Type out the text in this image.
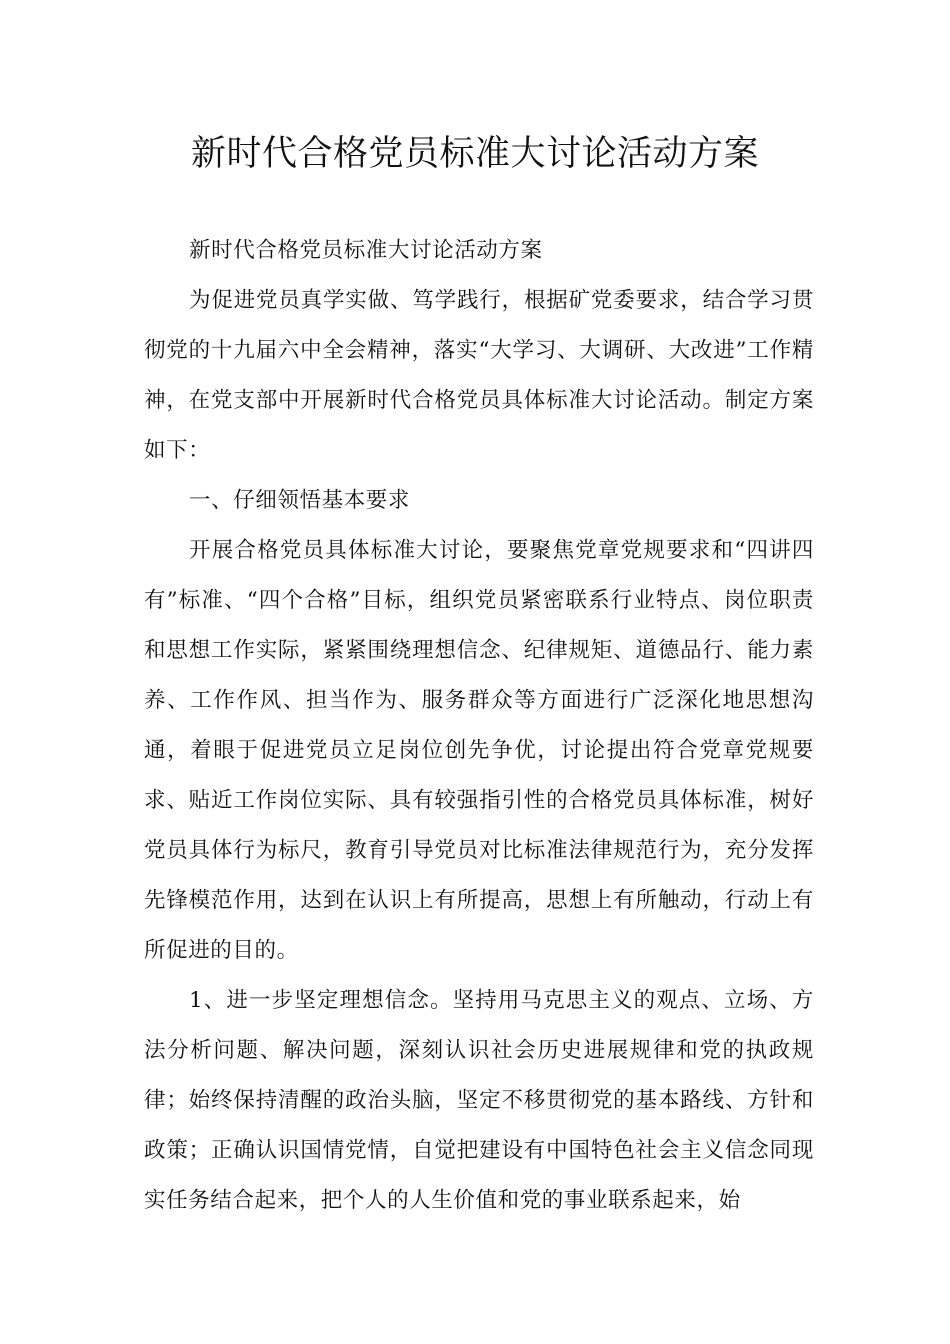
新时代合格党员标准大讨论活动方案

新时代合格党员标准大讨论活动方案

为促进党员真学实做、笃学践行，根据矿党委要求，结合学习贯彻党的十九届六中全会精神，落实“大学习、大调研、大改进”工作精神，在党支部中开展新时代合格党员具体标准大讨论活动。制定方案如下：

一、仔细领悟基本要求

开展合格党员具体标准大讨论，要聚焦党章党规要求和“四讲四有”标准、“四个合格”目标，组织党员紧密联系行业特点、岗位职责和思想工作实际，紧紧围绕理想信念、纪律规矩、道德品行、能力素养、工作作风、担当作为、服务群众等方面进行广泛深化地思想沟通，着眼于促进党员立足岗位创先争优，讨论提出符合党章党规要求、贴近工作岗位实际、具有较强指引性的合格党员具体标准，树好党员具体行为标尺，教育引导党员对比标准法律规范行为，充分发挥先锋模范作用，达到在认识上有所提高，思想上有所触动，行动上有所促进的目的。

1、进一步坚定理想信念。坚持用马克思主义的观点、立场、方法分析问题、解决问题，深刻认识社会历史进展规律和党的执政规律；始终保持清醒的政治头脑，坚定不移贯彻党的基本路线、方针和政策；正确认识国情党情，自觉把建设有中国特色社会主义信念同现实任务结合起来，把个人的人生价值和党的事业联系起来，始
